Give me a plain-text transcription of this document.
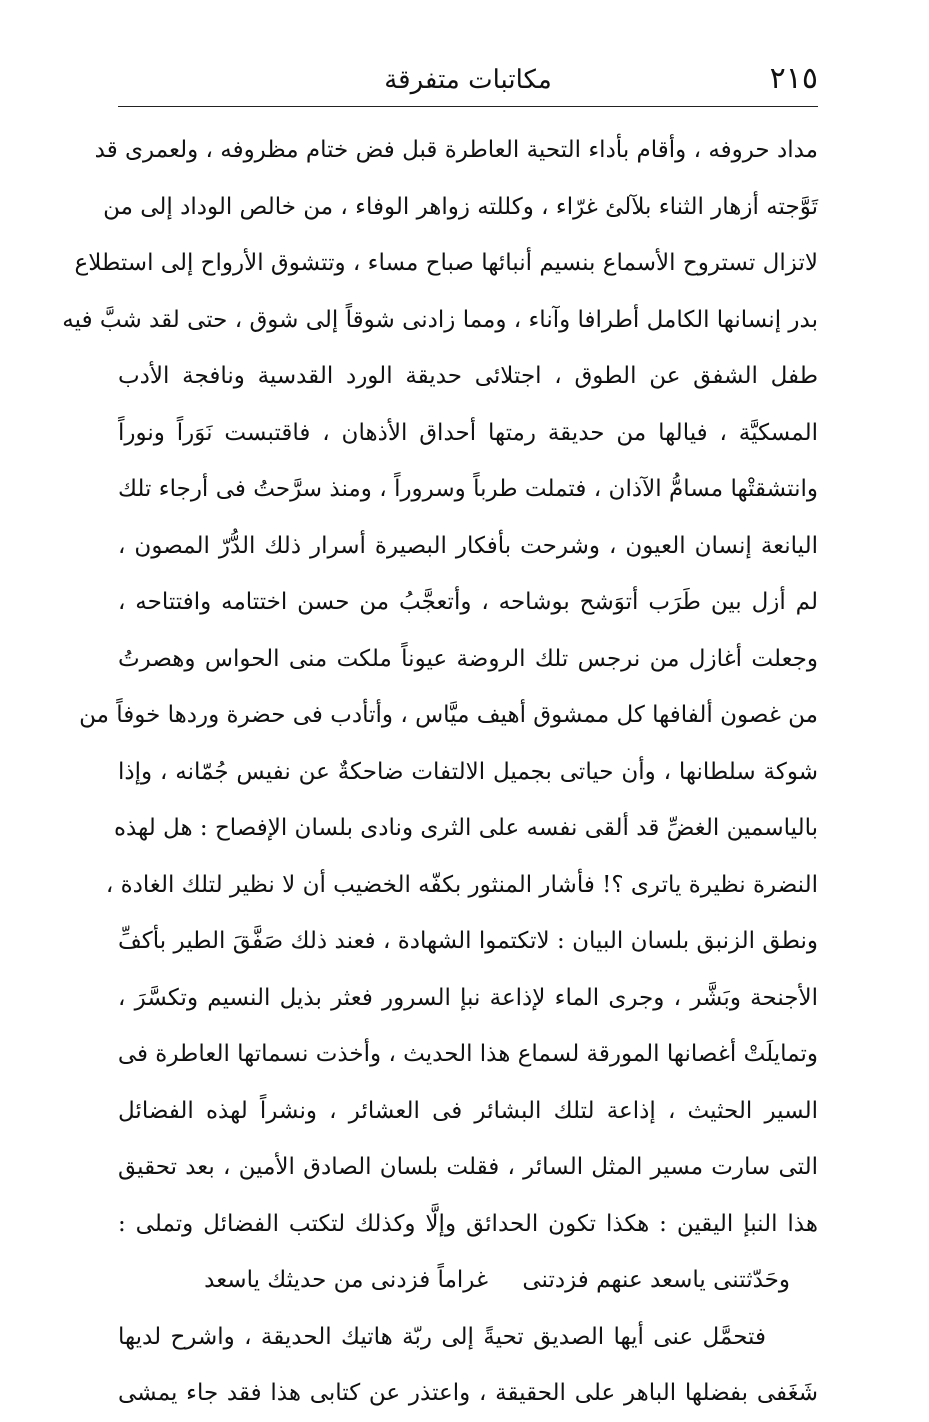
٢١٥
مكاتبات متفرقة
مداد حروفه ، وأقام بأداء التحية العاطرة قبل فض ختام مظروفه ، ولعمرى قد
تَوَّجته أزهار الثناء بلآلئ غرّاء ، وكللته زواهر الوفاء ، من خالص الوداد إلى من
لاتزال تستروح الأسماع بنسيم أنبائها صباح مساء ، وتتشوق الأرواح إلى استطلاع
بدر إنسانها الكامل أطرافا وآناء ، ومما زادنى شوقاً إلى شوق ، حتى لقد شبَّ فيه
طفل الشفق عن الطوق ، اجتلائى حديقة الورد القدسية ونافجة الأدب
المسكيَّة ، فيالها من حديقة رمتها أحداق الأذهان ، فاقتبست نَوَراً ونوراً
وانتشقتْها مسامُّ الآذان ، فتملت طرباً وسروراً ، ومنذ سرَّحتُ فى أرجاء تلك
اليانعة إنسان العيون ، وشرحت بأفكار البصيرة أسرار ذلك الدُّرّ المصون ،
لم أزل بين طَرَب أتوَشح بوشاحه ، وأتعجَّبُ من حسن اختتامه وافتتاحه ،
وجعلت أغازل من نرجس تلك الروضة عيوناً ملكت منى الحواس وهصرتُ
من غصون ألفافها كل ممشوق أهيف ميَّاس ، وأتأدب فى حضرة وردها خوفاً من
شوكة سلطانها ، وأن حياتى بجميل الالتفات ضاحكةٌ عن نفيس جُمّانه ، وإذا
بالياسمين الغضِّ قد ألقى نفسه على الثرى ونادى بلسان الإفصاح : هل لهذه
النضرة نظيرة ياترى ؟! فأشار المنثور بكفّه الخضيب أن لا نظير لتلك الغادة ،
ونطق الزنبق بلسان البيان : لاتكتموا الشهادة ، فعند ذلك صَفَّقَ الطير بأكفِّ
الأجنحة وبَشَّر ، وجرى الماء لإذاعة نبإ السرور فعثر بذيل النسيم وتكسَّرَ ،
وتمايلَتْ أغصانها المورقة لسماع هذا الحديث ، وأخذت نسماتها العاطرة فى
السير الحثيث ، إذاعة لتلك البشائر فى العشائر ، ونشراً لهذه الفضائل
التى سارت مسير المثل السائر ، فقلت بلسان الصادق الأمين ، بعد تحقيق
هذا النبإ اليقين : هكذا تكون الحدائق وإلَّا وكذلك لتكتب الفضائل وتملى :
وحَدّثتنى ياسعد عنهم فزدتنى
غراماً فزدنى من حديثك ياسعد
فتحمَّل عنى أيها الصديق تحيةً إلى ربّة هاتيك الحديقة ، واشرح لديها
شَغَفى بفضلها الباهر على الحقيقة ، واعتذر عن كتابى هذا فقد جاء يمشى
